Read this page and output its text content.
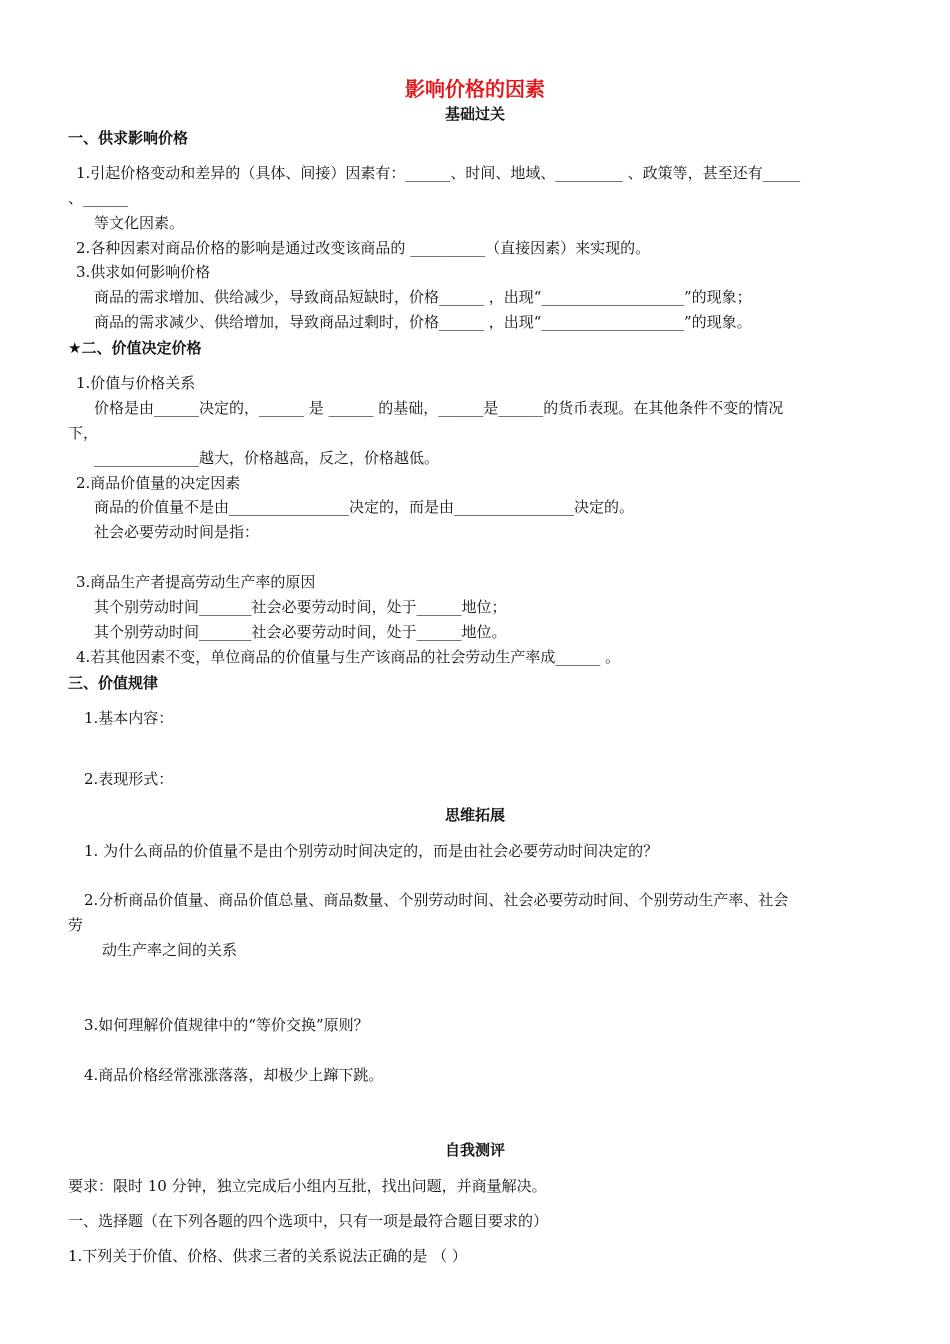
影响价格的因素
基础过关
一、供求影响价格
1.引起价格变动和差异的（具体、间接）因素有：______、时间、地域、_________ 、政策等，甚至还有_____
、______
等文化因素。
2.各种因素对商品价格的影响是通过改变该商品的 __________（直接因素）来实现的。
3.供求如何影响价格
商品的需求增加、供给减少，导致商品短缺时，价格______ ，出现“___________________”的现象；
商品的需求减少、供给增加，导致商品过剩时，价格______ ，出现“___________________”的现象。
★二、价值决定价格
1.价值与价格关系
价格是由______决定的，______ 是 ______ 的基础，______是______的货币表现。在其他条件不变的情况
下，
______________越大，价格越高，反之，价格越低。
2.商品价值量的决定因素
商品的价值量不是由________________决定的，而是由________________决定的。
社会必要劳动时间是指：
3.商品生产者提高劳动生产率的原因
其个别劳动时间_______社会必要劳动时间，处于______地位；
其个别劳动时间_______社会必要劳动时间，处于______地位。
4.若其他因素不变，单位商品的价值量与生产该商品的社会劳动生产率成______ 。
三、价值规律
1.基本内容：
2.表现形式：
思维拓展
1. 为什么商品的价值量不是由个别劳动时间决定的，而是由社会必要劳动时间决定的？
2.分析商品价值量、商品价值总量、商品数量、个别劳动时间、社会必要劳动时间、个别劳动生产率、社会
劳
动生产率之间的关系
3.如何理解价值规律中的“等价交换”原则？
4.商品价格经常涨涨落落，却极少上蹿下跳。
自我测评
要求：限时 10 分钟，独立完成后小组内互批，找出问题，并商量解决。
一、选择题（在下列各题的四个选项中，只有一项是最符合题目要求的）
1.下列关于价值、价格、供求三者的关系说法正确的是 （ ）
